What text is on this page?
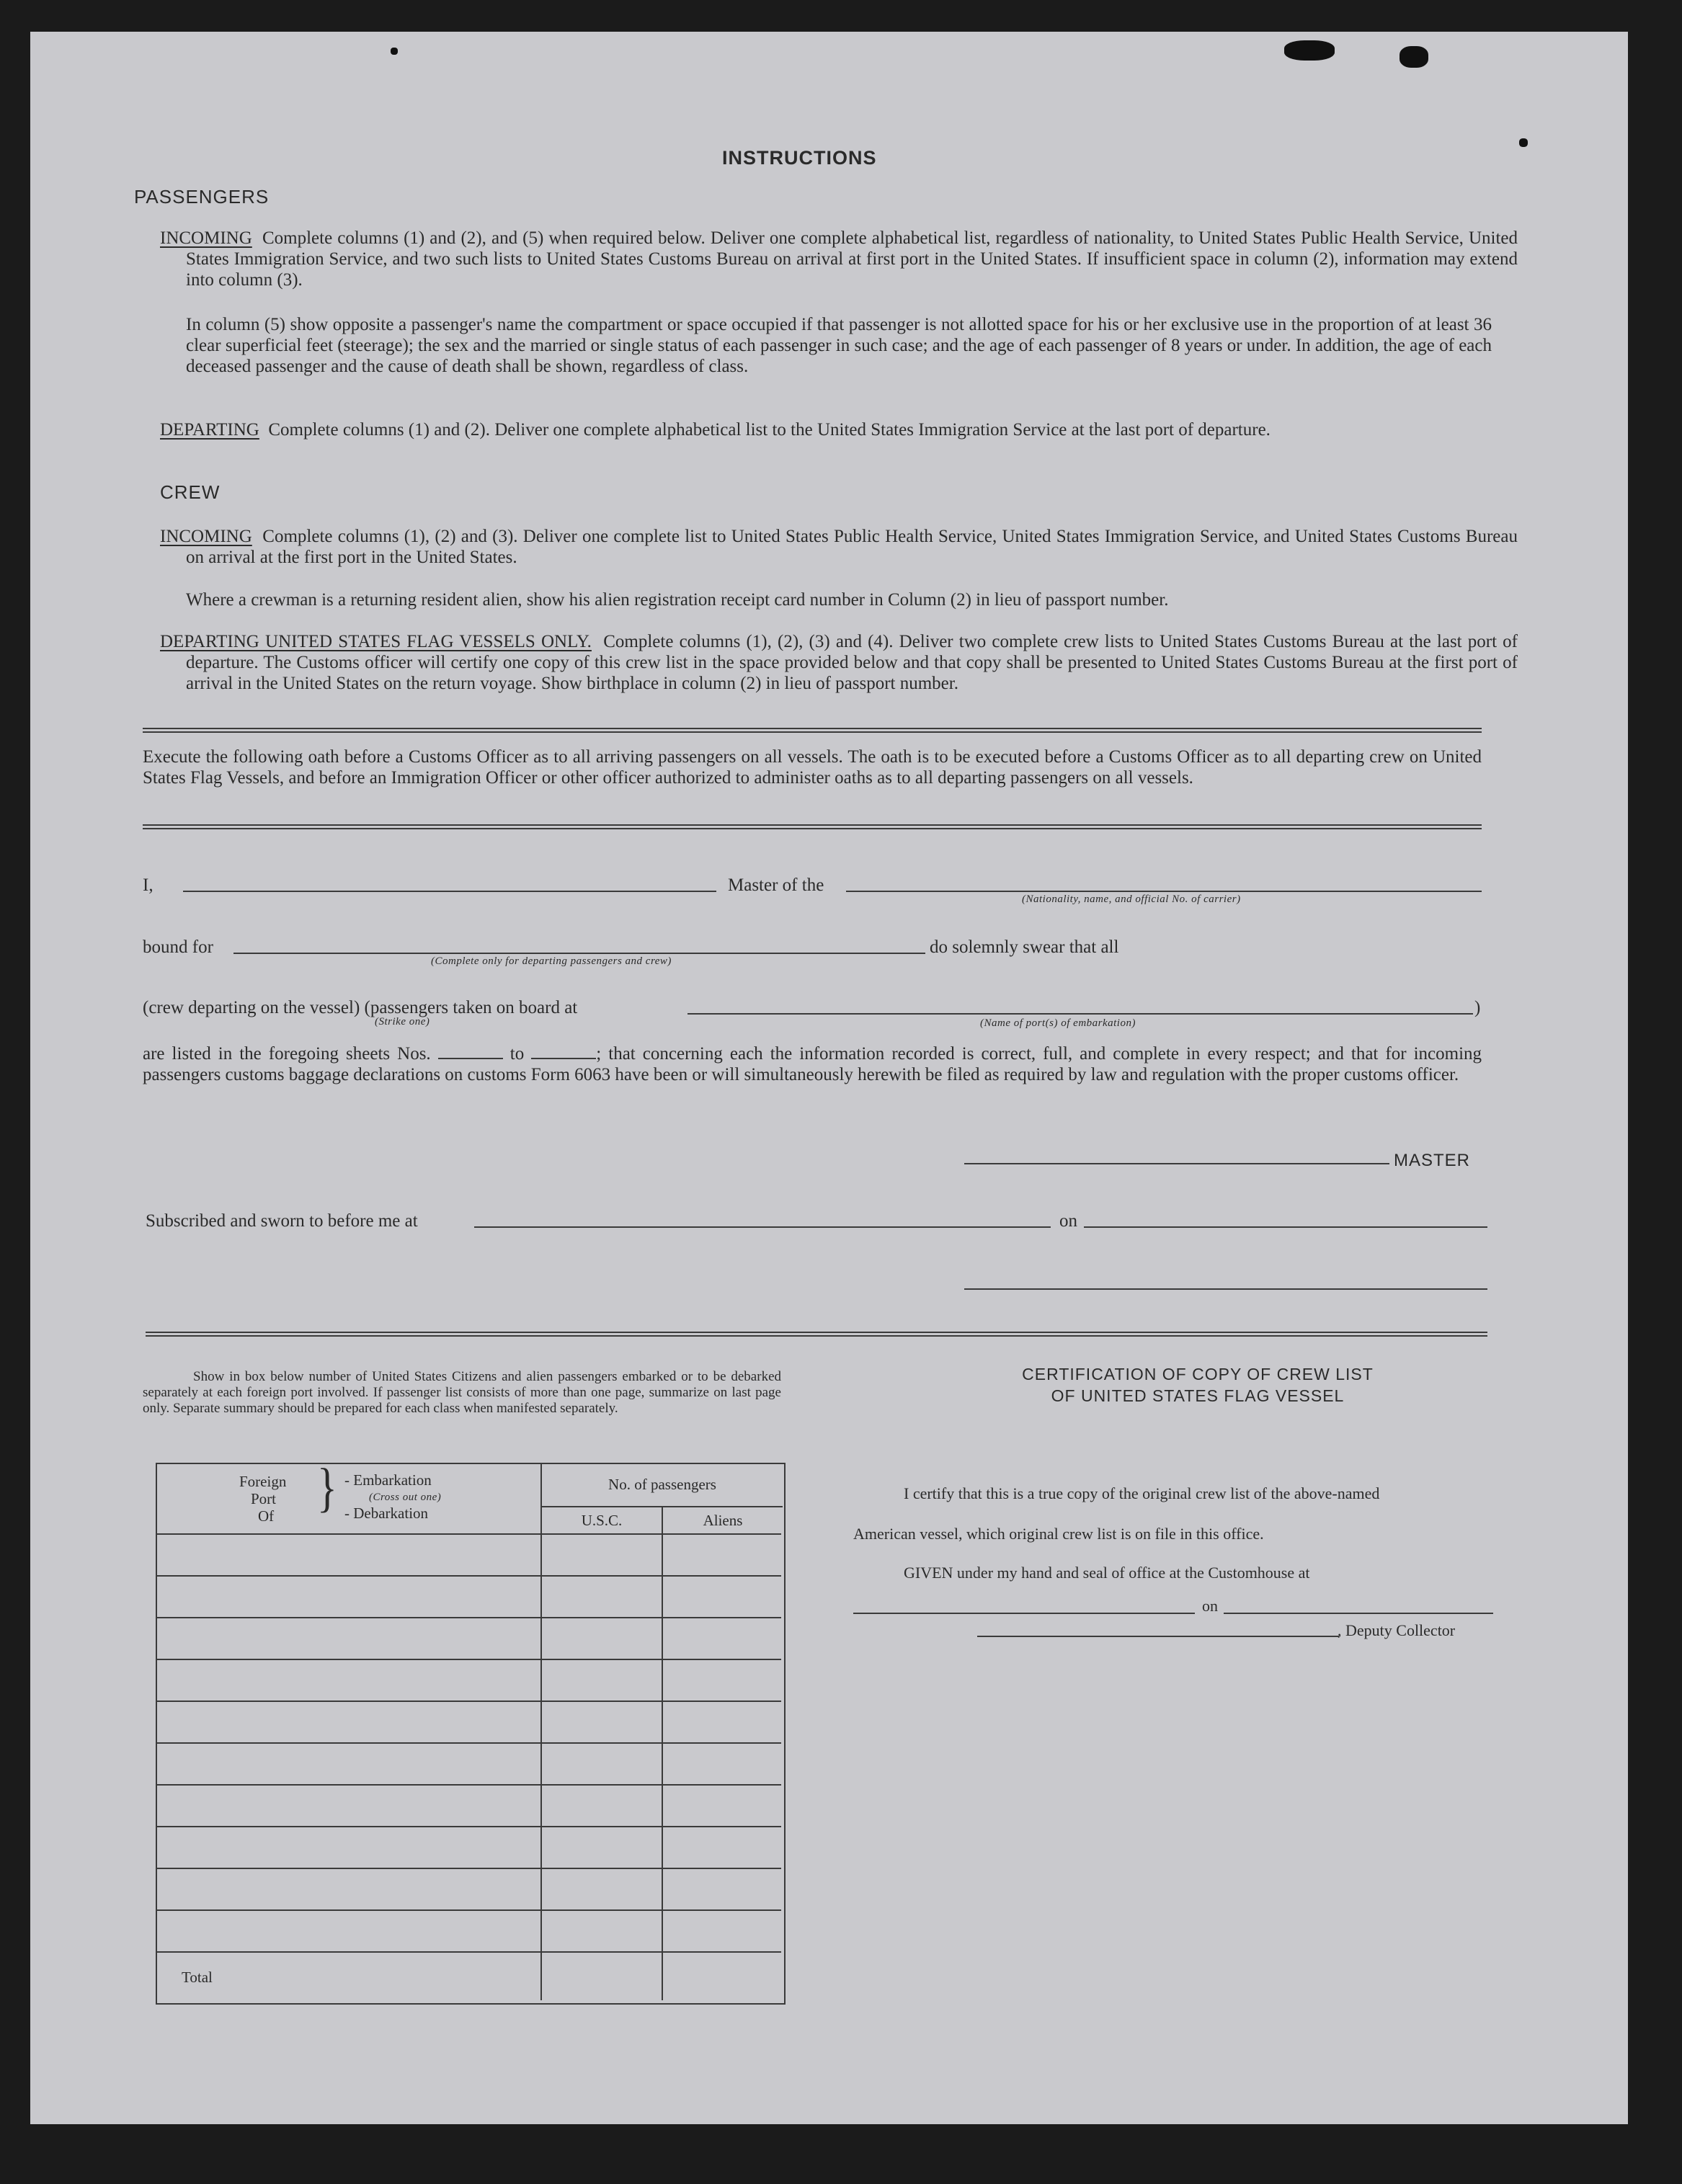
INSTRUCTIONS
PASSENGERS
INCOMING Complete columns (1) and (2), and (5) when required below. Deliver one complete alphabetical list, regardless of nationality, to United States Public Health Service, United States Immigration Service, and two such lists to United States Customs Bureau on arrival at first port in the United States. If insufficient space in column (2), information may extend into column (3).
In column (5) show opposite a passenger's name the compartment or space occupied if that passenger is not allotted space for his or her exclusive use in the proportion of at least 36 clear superficial feet (steerage); the sex and the married or single status of each passenger in such case; and the age of each passenger of 8 years or under. In addition, the age of each deceased passenger and the cause of death shall be shown, regardless of class.
DEPARTING Complete columns (1) and (2). Deliver one complete alphabetical list to the United States Immigration Service at the last port of departure.
CREW
INCOMING Complete columns (1), (2) and (3). Deliver one complete list to United States Public Health Service, United States Immigration Service, and United States Customs Bureau on arrival at the first port in the United States.
Where a crewman is a returning resident alien, show his alien registration receipt card number in Column (2) in lieu of passport number.
DEPARTING UNITED STATES FLAG VESSELS ONLY. Complete columns (1), (2), (3) and (4). Deliver two complete crew lists to United States Customs Bureau at the last port of departure. The Customs officer will certify one copy of this crew list in the space provided below and that copy shall be presented to United States Customs Bureau at the first port of arrival in the United States on the return voyage. Show birthplace in column (2) in lieu of passport number.
Execute the following oath before a Customs Officer as to all arriving passengers on all vessels. The oath is to be executed before a Customs Officer as to all departing crew on United States Flag Vessels, and before an Immigration Officer or other officer authorized to administer oaths as to all departing passengers on all vessels.
I,	Master of the
(Nationality, name, and official No. of carrier)
bound for
(Complete only for departing passengers and crew)
do solemnly swear that all
(crew departing on the vessel) (passengers taken on board at	)
(Strike one)	(Name of port(s) of embarkation)
are listed in the foregoing sheets Nos.	to	; that concerning each the information recorded is correct, full, and complete in every respect; and that for incoming passengers customs baggage declarations on customs Form 6063 have been or will simultaneously herewith be filed as required by law and regulation with the proper customs officer.
MASTER
Subscribed and sworn to before me at	on
Show in box below number of United States Citizens and alien passengers embarked or to be debarked separately at each foreign port involved. If passenger list consists of more than one page, summarize on last page only. Separate summary should be prepared for each class when manifested separately.
Foreign
Port
Of } - Embarkation
(Cross out one)
- Debarkation
No. of passengers
U.S.C.	Aliens
Total
CERTIFICATION OF COPY OF CREW LIST
OF UNITED STATES FLAG VESSEL
I certify that this is a true copy of the original crew list of the above-named
American vessel, which original crew list is on file in this office.
GIVEN under my hand and seal of office at the Customhouse at
on
, Deputy Collector
